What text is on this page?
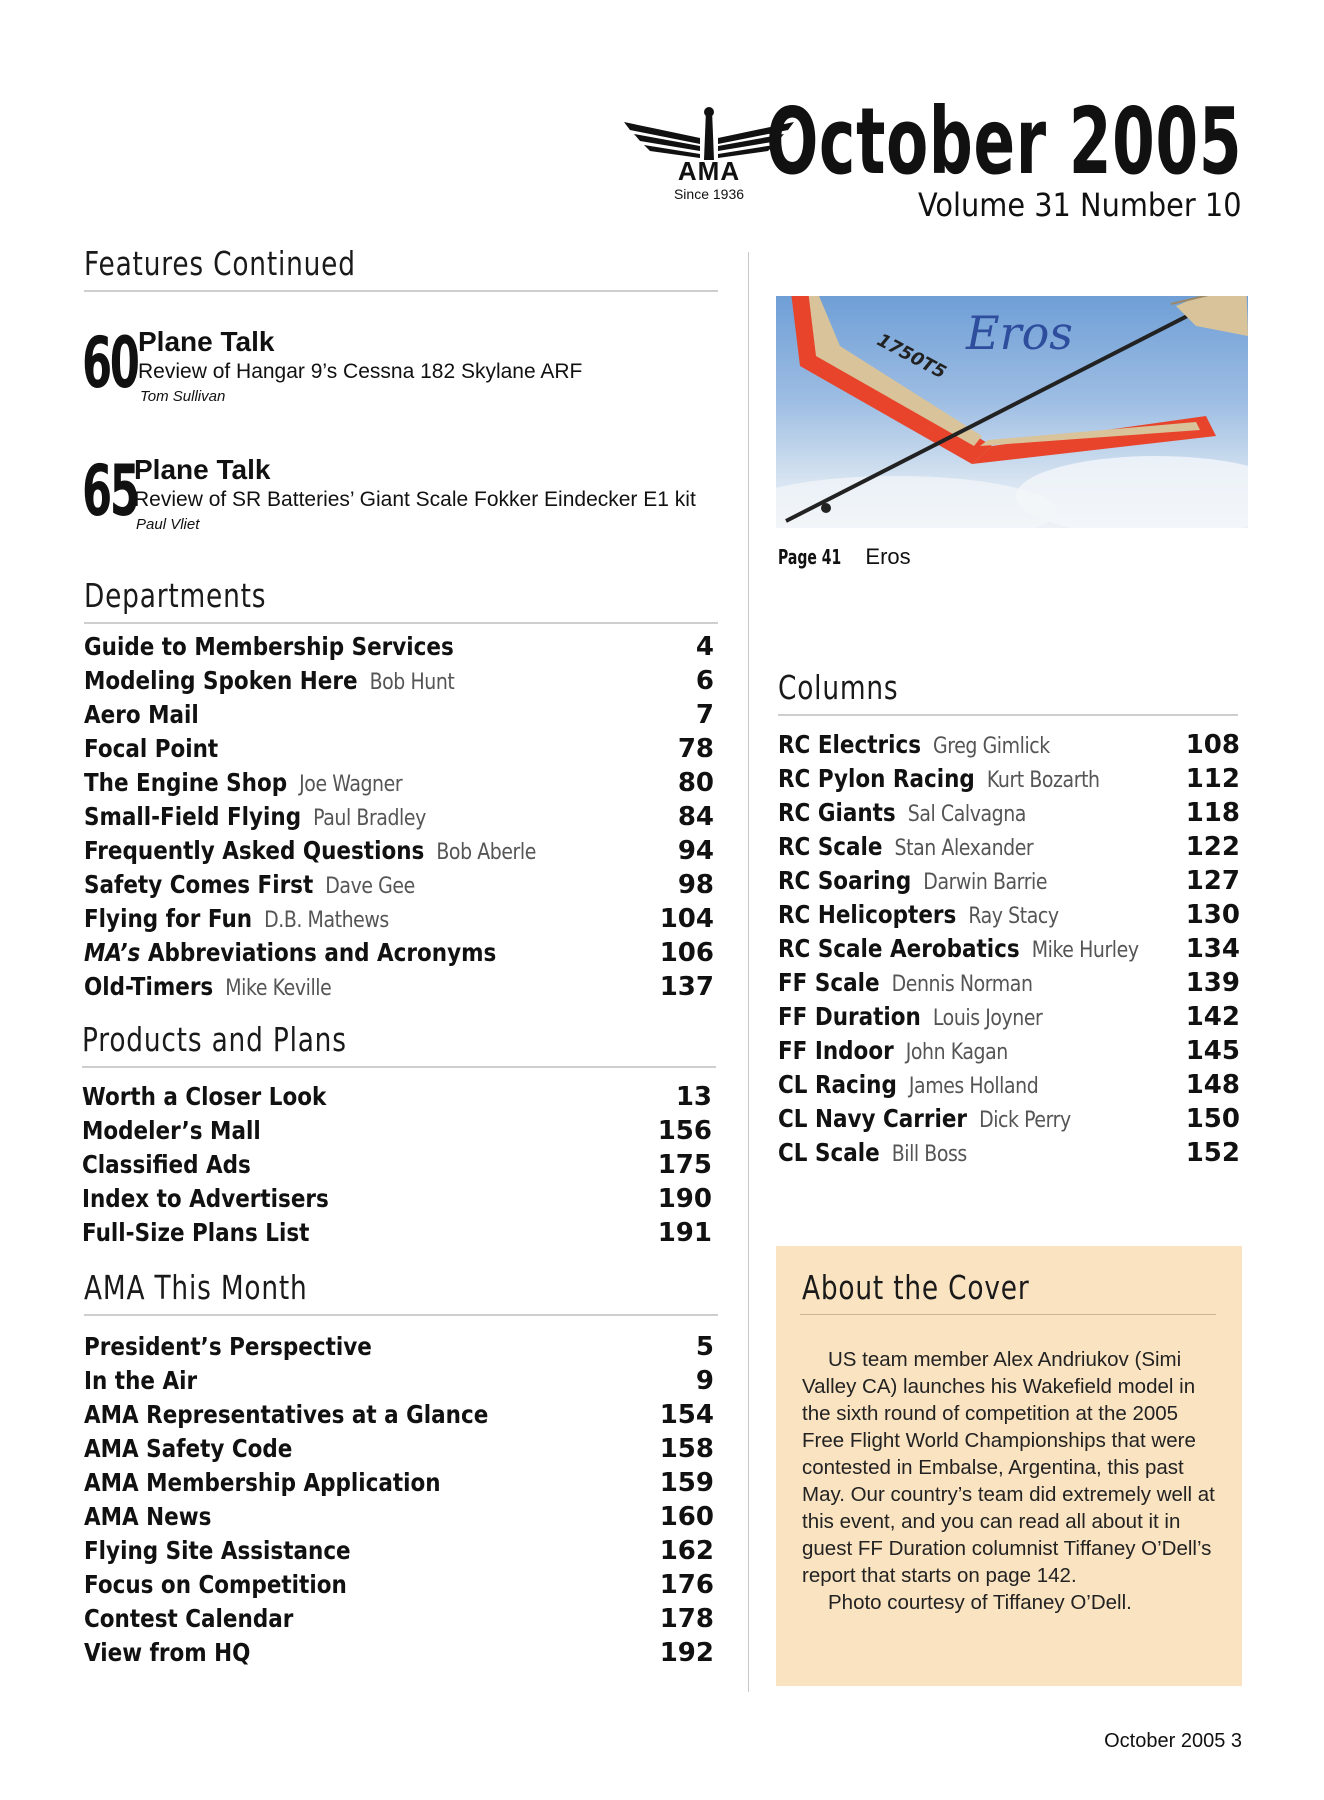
AMA
Since 1936 October 2005
Volume 31 Number 10
Features Continued
60 Plane Talk
Review of Hangar 9’s Cessna 182 Skylane ARF
Tom Sullivan
65
Plane Talk
Review of SR Batteries’ Giant Scale Fokker Eindecker E1 kit
Paul Vliet
Departments
Guide to Membership Services	4
Modeling Spoken Here Bob Hunt	6
Aero Mail	7
Focal Point	78
The Engine Shop Joe Wagner	80
Small-Field Flying Paul Bradley	84
Frequently Asked Questions Bob Aberle	94
Safety Comes First Dave Gee	98
Flying for Fun D.B. Mathews	104
MA’s Abbreviations and Acronyms	106
Old-Timers Mike Keville	137
Products and Plans
Worth a Closer Look	13
Modeler’s Mall	156
Classified Ads	175
Index to Advertisers	190
Full-Size Plans List	191
AMA This Month
President’s Perspective	5
In the Air	9
AMA Representatives at a Glance	154
AMA Safety Code	158
AMA Membership Application	159
AMA News	160
Flying Site Assistance	162
Focus on Competition	176
Contest Calendar	178
View from HQ	192
1750T5 Eros
Page 41 Eros
Columns
RC Electrics Greg Gimlick	108
RC Pylon Racing Kurt Bozarth	112
RC Giants Sal Calvagna	118
RC Scale Stan Alexander	122
RC Soaring Darwin Barrie	127
RC Helicopters Ray Stacy	130
RC Scale Aerobatics Mike Hurley 134
FF Scale Dennis Norman	139
FF Duration Louis Joyner	142
FF Indoor John Kagan	145
CL Racing James Holland	148
CL Navy Carrier Dick Perry	150
CL Scale Bill Boss	152
About the Cover

US team member Alex Andriukov (Simi Valley CA) launches his Wakefield model in the sixth round of competition at the 2005 Free Flight World Championships that were contested in Embalse, Argentina, this past May. Our country’s team did extremely well at this event, and you can read all about it in guest FF Duration columnist Tiffaney O’Dell’s report that starts on page 142.

Photo courtesy of Tiffaney O’Dell.

October 2005 3
